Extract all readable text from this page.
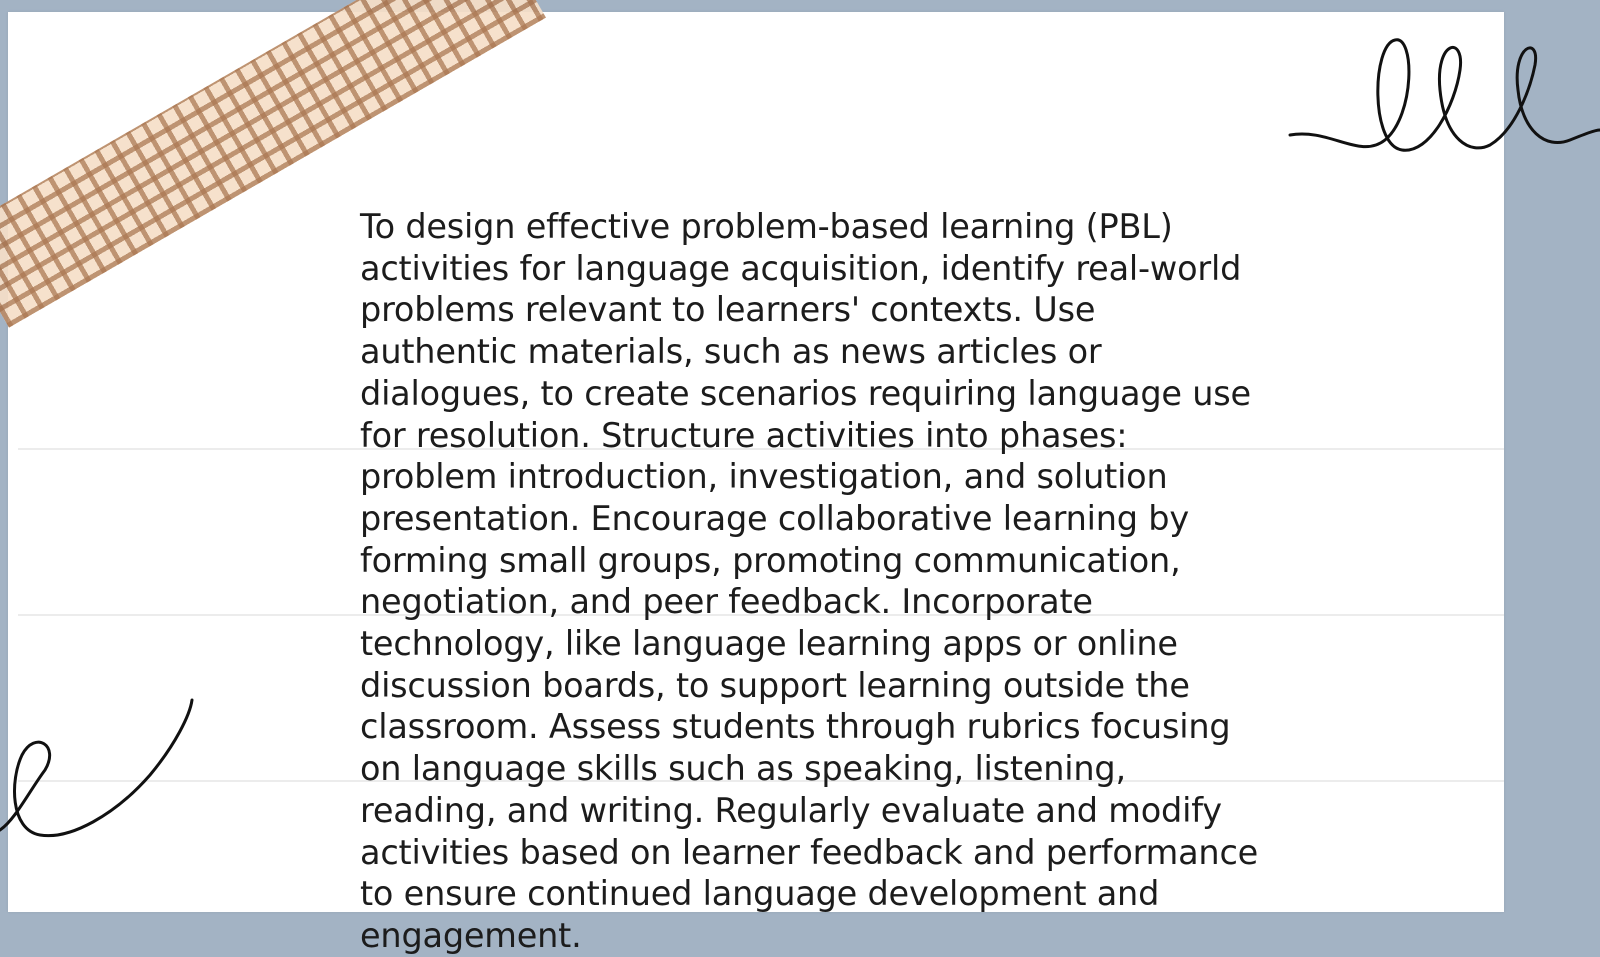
To design effective problem-based learning (PBL) activities for language acquisition, identify real-world problems relevant to learners' contexts. Use authentic materials, such as news articles or dialogues, to create scenarios requiring language use for resolution. Structure activities into phases: problem introduction, investigation, and solution presentation. Encourage collaborative learning by forming small groups, promoting communication, negotiation, and peer feedback. Incorporate technology, like language learning apps or online discussion boards, to support learning outside the classroom. Assess students through rubrics focusing on language skills such as speaking, listening, reading, and writing. Regularly evaluate and modify activities based on learner feedback and performance to ensure continued language development and engagement.
